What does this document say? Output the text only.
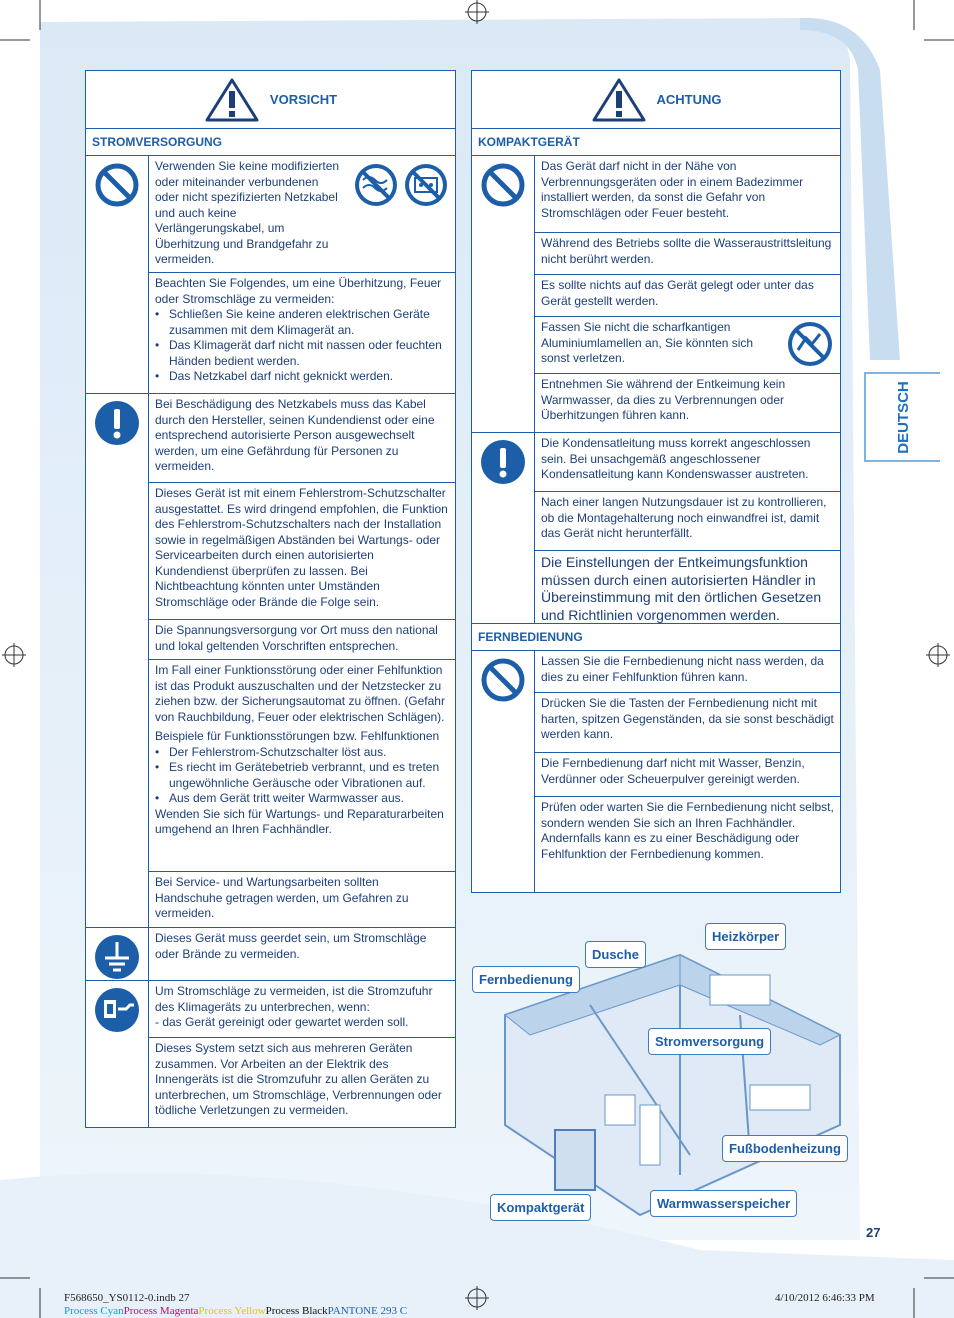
VORSICHT
STROMVERSORGUNG
Verwenden Sie keine modifizierten oder miteinander verbundenen oder nicht spezifizierten Netzkabel und auch keine Verlängerungskabel, um Überhitzung und Brandgefahr zu vermeiden.
Beachten Sie Folgendes, um eine Überhitzung, Feuer oder Stromschläge zu vermeiden:
• Schließen Sie keine anderen elektrischen Geräte zusammen mit dem Klimagerät an.
• Das Klimagerät darf nicht mit nassen oder feuchten Händen bedient werden.
• Das Netzkabel darf nicht geknickt werden.
Bei Beschädigung des Netzkabels muss das Kabel durch den Hersteller, seinen Kundendienst oder eine entsprechend autorisierte Person ausgewechselt werden, um eine Gefährdung für Personen zu vermeiden.
Dieses Gerät ist mit einem Fehlerstrom-Schutzschalter ausgestattet. Es wird dringend empfohlen, die Funktion des Fehlerstrom-Schutzschalters nach der Installation sowie in regelmäßigen Abständen bei Wartungs- oder Servicearbeiten durch einen autorisierten Kundendienst überprüfen zu lassen. Bei Nichtbeachtung könnten unter Umständen Stromschläge oder Brände die Folge sein.
Die Spannungsversorgung vor Ort muss den national und lokal geltenden Vorschriften entsprechen.
Im Fall einer Funktionsstörung oder einer Fehlfunktion ist das Produkt auszuschalten und der Netzstecker zu ziehen bzw. der Sicherungsautomat zu öffnen. (Gefahr von Rauchbildung, Feuer oder elektrischen Schlägen).
Beispiele für Funktionsstörungen bzw. Fehlfunktionen
• Der Fehlerstrom-Schutzschalter löst aus.
• Es riecht im Gerätebetrieb verbrannt, und es treten ungewöhnliche Geräusche oder Vibrationen auf.
• Aus dem Gerät tritt weiter Warmwasser aus.
Wenden Sie sich für Wartungs- und Reparaturarbeiten umgehend an Ihren Fachhändler.
Bei Service- und Wartungsarbeiten sollten Handschuhe getragen werden, um Gefahren zu vermeiden.
Dieses Gerät muss geerdet sein, um Stromschläge oder Brände zu vermeiden.
Um Stromschläge zu vermeiden, ist die Stromzufuhr des Klimageräts zu unterbrechen, wenn:
- das Gerät gereinigt oder gewartet werden soll.
Dieses System setzt sich aus mehreren Geräten zusammen. Vor Arbeiten an der Elektrik des Innengeräts ist die Stromzufuhr zu allen Geräten zu unterbrechen, um Stromschläge, Verbrennungen oder tödliche Verletzungen zu vermeiden.
ACHTUNG
KOMPAKTGERÄT
Das Gerät darf nicht in der Nähe von Verbrennungsgeräten oder in einem Badezimmer installiert werden, da sonst die Gefahr von Stromschlägen oder Feuer besteht.
Während des Betriebs sollte die Wasseraustrittsleitung nicht berührt werden.
Es sollte nichts auf das Gerät gelegt oder unter das Gerät gestellt werden.
Fassen Sie nicht die scharfkantigen Aluminiumlamellen an, Sie könnten sich sonst verletzen.
Entnehmen Sie während der Entkeimung kein Warmwasser, da dies zu Verbrennungen oder Überhitzungen führen kann.
Die Kondensatleitung muss korrekt angeschlossen sein. Bei unsachgemäß angeschlossener Kondensatleitung kann Kondenswasser austreten.
Nach einer langen Nutzungsdauer ist zu kontrollieren, ob die Montagehalterung noch einwandfrei ist, damit das Gerät nicht herunterfällt.
Die Einstellungen der Entkeimungsfunktion müssen durch einen autorisierten Händler in Übereinstimmung mit den örtlichen Gesetzen und Richtlinien vorgenommen werden.
FERNBEDIENUNG
Lassen Sie die Fernbedienung nicht nass werden, da dies zu einer Fehlfunktion führen kann.
Drücken Sie die Tasten der Fernbedienung nicht mit harten, spitzen Gegenständen, da sie sonst beschädigt werden kann.
Die Fernbedienung darf nicht mit Wasser, Benzin, Verdünner oder Scheuerpulver gereinigt werden.
Prüfen oder warten Sie die Fernbedienung nicht selbst, sondern wenden Sie sich an Ihren Fachhändler. Andernfalls kann es zu einer Beschädigung oder Fehlfunktion der Fernbedienung kommen.
DEUTSCH
Heizkörper
Dusche
Fernbedienung
Stromversorgung
Fußbodenheizung
Kompaktgerät	Warmwasserspeicher
27
F568650_YS0112-0.indb 27	4/10/2012 6:46:33 PM
Process CyanProcess MagentaProcess YellowProcess BlackPANTONE 293 C
